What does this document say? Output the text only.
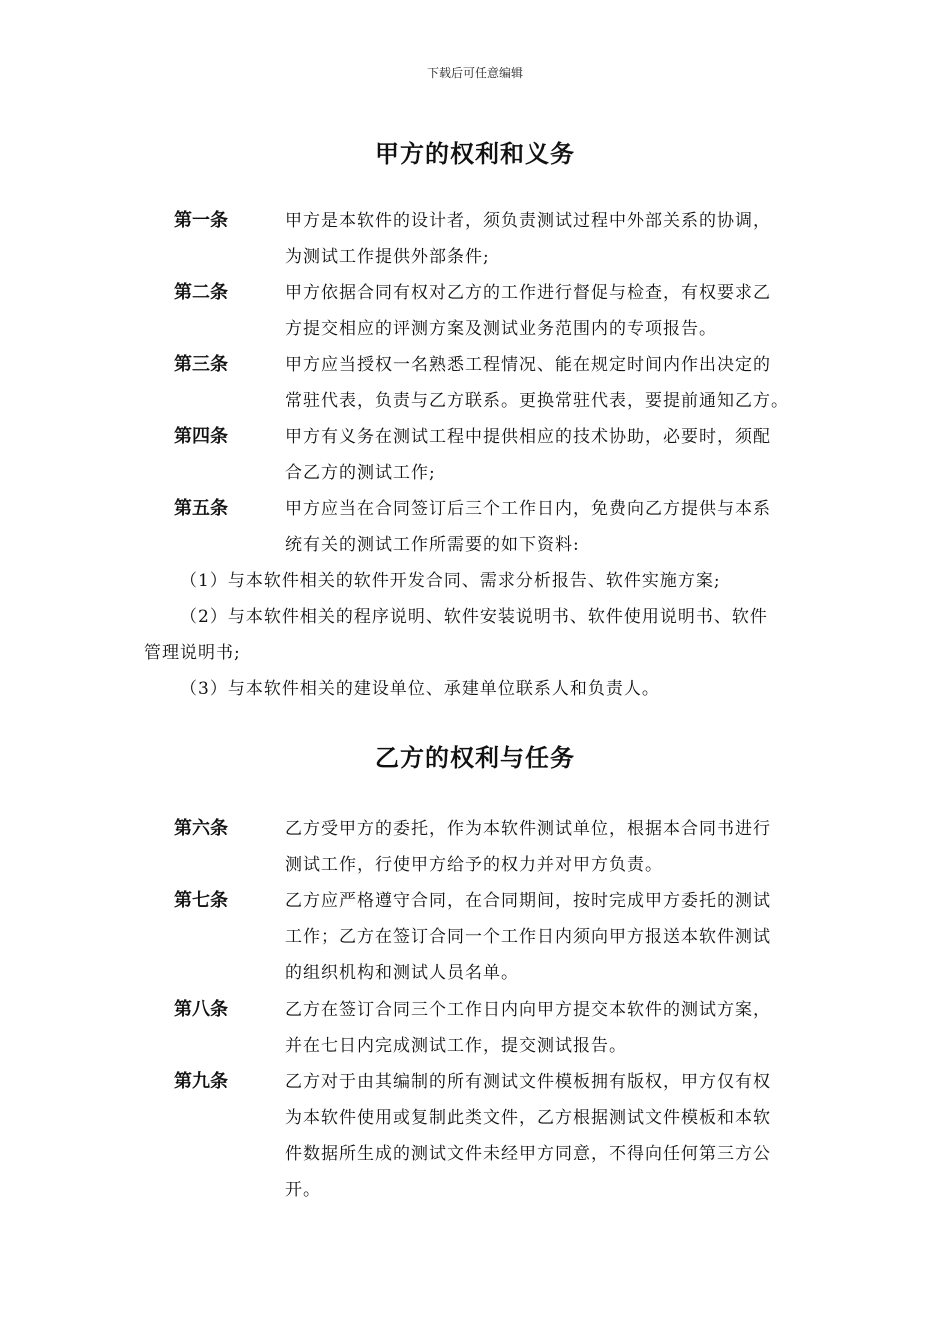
下载后可任意编辑
甲方的权利和义务
第一条	甲方是本软件的设计者，须负责测试过程中外部关系的协调，
为测试工作提供外部条件;
第二条	甲方依据合同有权对乙方的工作进行督促与检查，有权要求乙
方提交相应的评测方案及测试业务范围内的专项报告。
第三条	甲方应当授权一名熟悉工程情况、能在规定时间内作出决定的
常驻代表，负责与乙方联系。更换常驻代表，要提前通知乙方。
第四条	甲方有义务在测试工程中提供相应的技术协助，必要时，须配
合乙方的测试工作;
第五条	甲方应当在合同签订后三个工作日内，免费向乙方提供与本系
统有关的测试工作所需要的如下资料:
（1）与本软件相关的软件开发合同、需求分析报告、软件实施方案;
（2）与本软件相关的程序说明、软件安装说明书、软件使用说明书、软件
管理说明书;
（3）与本软件相关的建设单位、承建单位联系人和负责人。
乙方的权利与任务
第六条	乙方受甲方的委托，作为本软件测试单位，根据本合同书进行
测试工作，行使甲方给予的权力并对甲方负责。
第七条	乙方应严格遵守合同，在合同期间，按时完成甲方委托的测试
工作；乙方在签订合同一个工作日内须向甲方报送本软件测试
的组织机构和测试人员名单。
第八条	乙方在签订合同三个工作日内向甲方提交本软件的测试方案，
并在七日内完成测试工作，提交测试报告。
第九条	乙方对于由其编制的所有测试文件模板拥有版权，甲方仅有权
为本软件使用或复制此类文件，乙方根据测试文件模板和本软
件数据所生成的测试文件未经甲方同意，不得向任何第三方公
开。
